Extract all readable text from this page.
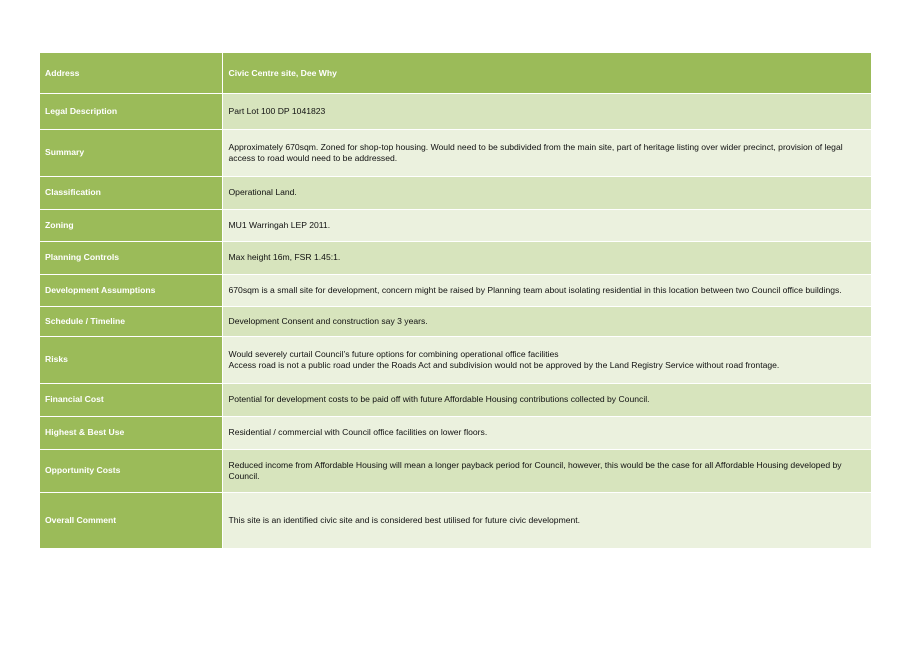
Address	Civic Centre site, Dee Why
Legal Description	Part Lot 100 DP 1041823
Summary	Approximately 670sqm. Zoned for shop-top housing. Would need to be subdivided from the main site, part of heritage listing over wider precinct, provision of legal access to road would need to be addressed.
Classification	Operational Land.
Zoning	MU1 Warringah LEP 2011.
Planning Controls	Max height 16m, FSR 1.45:1.
Development Assumptions	670sqm is a small site for development, concern might be raised by Planning team about isolating residential in this location between two Council office buildings.
Schedule / Timeline	Development Consent and construction say 3 years.
Risks	Would severely curtail Council’s future options for combining operational office facilities
Access road is not a public road under the Roads Act and subdivision would not be approved by the Land Registry Service without road frontage.

Financial Cost	Potential for development costs to be paid off with future Affordable Housing contributions collected by Council.
Highest & Best Use	Residential / commercial with Council office facilities on lower floors.
Opportunity Costs	Reduced income from Affordable Housing will mean a longer payback period for Council, however, this would be the case for all Affordable Housing developed by Council.
Overall Comment	This site is an identified civic site and is considered best utilised for future civic development.
